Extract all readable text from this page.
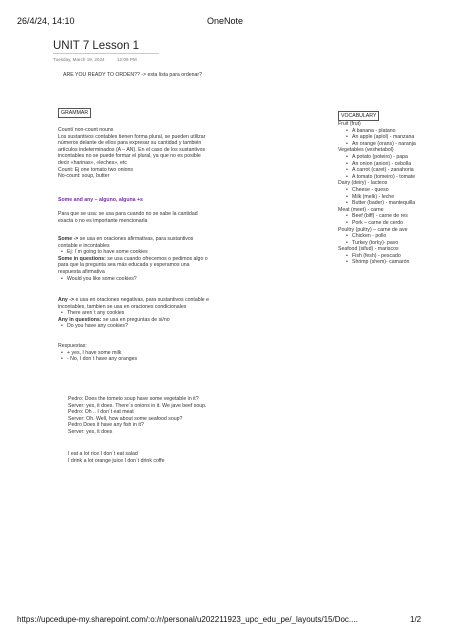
26/4/24, 14:10	OneNote
UNIT 7 Lesson 1
Tuesday, March 19, 2024	12:06 PM
ARE YOU READY TO ORDEN?? -> esta lista para ordenar?
GRAMMAR
Count/ non-count nouns
Los sustantivos contables tienen forma plural, se pueden utilizar
números delante de ellos para expresar su cantidad y también
artículos indeterminados (A – AN). En el caso de los sustantivos
incontables no se puede formar el plural, ya que no es posible
decir «harinas», «leches», etc
Count: Ej one tomato two onions
No-count: soup, butter
Some and any – alguno, alguna +s
Para que se usa: se usa para cuando no se sabe la cantidad
exacta o no es importante mencionarla
Some -> se usa en oraciones afirmativas, para sustantivos
contable e incontables
• Ej: I´m going to have some cookies
Some in questions: se usa cuando ofrecemos o pedimos algo o
para que la pregunta sea más educada y esperamos una
respuesta afirmativa
• Would you like some cookies?
Any -> e usa en oraciones negativas, para sustantivos contable e
incontables, tambien se usa en oraciones condicionales
• There aren´t any cookies
Any in questions: se usa en preguntas de si/no
• Do you have any cookies?
Respuestas:
• + yes, I have some milk
• - No, I don´t have any oranges
Pedro: Does the tometo soup have some vegetable in it?
Server: yes, it does. There´s onions in it. We jave beef soup.
Pedro: Oh .. I don´t eat meat
Server: Oh. Well, how about some seafood soup?
Pedro Does it have any fish in it?
Server: yes, it does
I eat a lot rice I don´t eat salad
I drink a lot orange juice I don´t drink coffe
VOCABULARY
Fruit (frut)
• A banana - platano
• An apple (aplol) - manzana
• An orange (orans) - naranja
Vegetables (veshetabol)
• A potato (poteiro) - papa
• An onion (anion) - cebolla
• A carrot (caret) - zanahoria
• A tomato (tomeiro) - tomate
Dairy (deiry) - lacteos
• Cheese - queso
• Milk (melk) - leche
• Butter (bader) - mantequilla
Meat (meet) - carne
• Beef (biff) - carne de res
• Pork – carne de cerdo
Poultry (pultry) – carne de ave
• Chicken - pollo
• Turkey (torky)- pavo
Seafood (sifud) - mariscos
• Fish (fesh) - pescado
• Shrimp (shem)- camarón
https://upcedupe-my.sharepoint.com/:o:/r/personal/u202211923_upc_edu_pe/_layouts/15/Doc....	1/2
